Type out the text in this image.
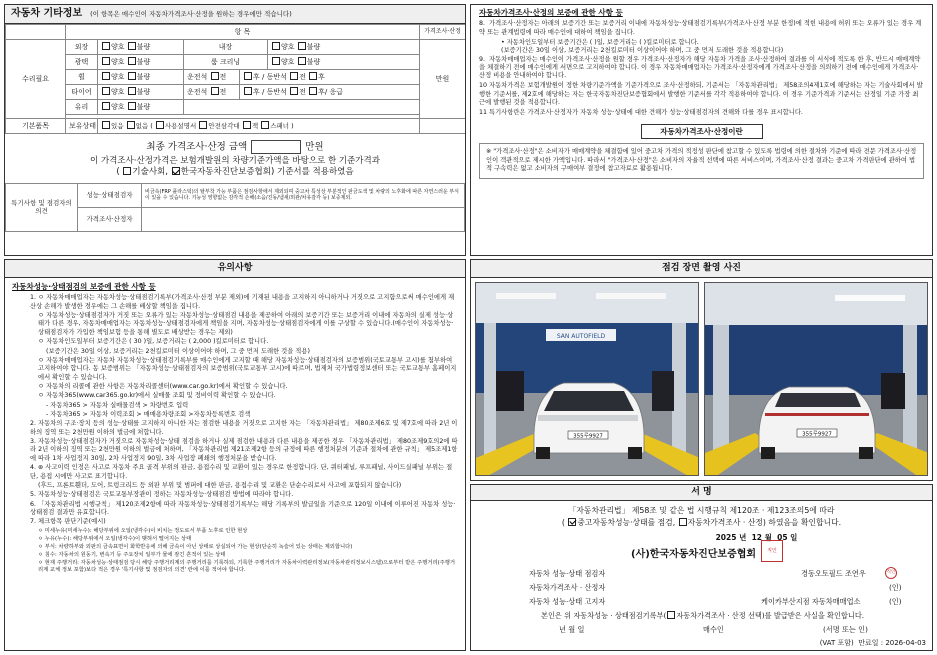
자동차 기타정보 (이 항목은 매수인이 자동차가격조사·산정을 원하는 경우에만 적습니다)
	항 목					가격조사·산정
수리필요	외장	양호 불량	내장		양호 불량	만원
	광택	양호 불량	룸 크리닝		양호 불량	
	휠	양호 불량	운전석 전	후 / 동반석 전 후		
	타이어	양호 불량	운전석 전	후 / 동반석 전 후/ 응급		
	유리	양호 불량				

기본품목	보유상태	있음 없음 ( 사용설명서 안전삼각대 잭 스패너 )				
최종 가격조사·산정 금액	만원
이 가격조사·산정가격은 보험개발원의 차량기준가액을 바탕으로 한 기준가격과
( 기술사회, 한국자동차진단보증협회) 기준서를 적용하였음
특기사항 및 점검자의 의견	성능·상태점검자	비금속(FRP 플라스틱)의 탈부착 가능 부품은 점검사항에서 제외되며 중고차 특성상 부분적인 판금도색 및 차량의 노후화에 따른 자연스러운 부식이 있을 수 있습니다. 기능성 영향없는 감각적 손해(소음/진동/냄새/외관/차유감각 등) 보증제외.
	가격조사·산정자	
자동차가격조사·산정의 보증에 관한 사항 등
8. 가격조사·산정자는 아래의 보증기간 또는 보증거리 이내에 자동차성능·상태점검기록부(가격조사·산정 부분 한정)에 적힌 내용에 허위 또는 오류가 있는 경우 계약 또는 관계법령에 따라 매수인에 대하여 책임을 집니다.
• 자동차인도일부터 보증기간은 ( )일, 보증거리는 ( )킬로미터로 합니다.
(보증기간은 30일 이상, 보증거리는 2천킬로미터 이상이어야 하며, 그 중 먼저 도래한 것을 적용합니다)
9. 자동차매매업자는 매수인이 가격조사·산정을 원할 경우 가격조사·산정자가 해당 자동차 가격을 조사·산정하여 결과를 이 서식에 적도록 한 후, 반드시 매매계약을 체결하기 전에 매수인에게 서면으로 고지하여야 합니다. 이 경우 자동차매매업자는 가격조사·산정자에게 가격조사·산정을 의뢰하기 전에 매수인에게 가격조사·산정 비용을 안내하여야 합니다.
10 자동차가격은 보험개발원이 정한 차량기준가액을 기준가격으로 조사·산정하되, 기준서는 「자동차관리법」 제58조의4제1호에 해당하는 자는 기술사회에서 발행한 기준서를, 제2호에 해당하는 자는 한국자동차진단보증협회에서 발행한 기준서를 각각 적용하여야 합니다. 이 경우 기준가격과 기준서는 산정일 기준 가장 최근에 발행된 것을 적용합니다.
11 특기사항란은 가격조사·산정자가 자동차 성능·상태에 대한 견해가 성능·상태점검자의 견해와 다를 경우 표시합니다.
자동차가격조사·산정이란
※ "가격조사·산정"은 소비자가 매매계약을 체결함에 있어 중고차 가격의 적정성 판단에 참고할 수 있도록 법령에 의한 절차와 기준에 따라 전문 가격조사·산정인이 객관적으로 제시한 가액입니다. 따라서 "가격조사·산정"은 소비자의 자율적 선택에 따른 서비스이며, 가격조사·산정 결과는 중고차 가격판단에 관하여 법적 구속력은 없고 소비자의 구매여부 결정에 참고자료로 활용됩니다.
유의사항
자동차성능·상태점검의 보증에 관한 사항 등
1. ㅇ 자동차매매업자는 자동차성능·상태점검기록부(가격조사·산정 부분 제외)에 기재된 내용을 고지하지 아니하거나 거짓으로 고지함으로써 매수인에게 재산상 손해가 발생한 경우에는 그 손해를 배상할 책임을 집니다.
ㅇ 자동차성능·상태점검자가 거짓 또는 오류가 있는 자동차성능·상태점검 내용을 제공하여 아래의 보증기간 또는 보증거리 이내에 자동차의 실제 성능·상태가 다른 경우, 자동차매매업자는 자동차성능·상태점검자에게 책임을 지며, 자동차성능·상태점검자에게 이를 구상할 수 있습니다.(매수인이 자동차성능·상태점검자가 가입한 책임보험 등을 통해 별도로 배상받는 경우는 제외)
ㅇ 자동차인도일부터 보증기간은 ( 30 )일, 보증거리는 ( 2,000 )킬로미터로 합니다.
(보증기간은 30일 이상, 보증거리는 2천킬로미터 이상이어야 하며, 그 중 먼저 도래한 것을 적용)
ㅇ 자동차매매업자는 자동차 자동차성능·상태점검기록부를 매수인에게 고지할 때 해당 자동차성능·상태점검자의 보증범위(국토교통부 고시)를 첨부하여 고지하여야 합니다. 동 보증범위는 「자동차성능·상태점검자의 보증범위(국토교통부 고시)에 따르며, 법제처 국가법령정보센터 또는 국토교통부 홈페이지에서 확인할 수 있습니다.
ㅇ 자동차의 리콜에 관한 사항은 자동차리콜센터(www.car.go.kr)에서 확인할 수 있습니다.
ㅇ 자동차365(www.car365.go.kr)에서 실매물 조회 및 정비이력 확인할 수 있습니다.
- 자동차365 > 자동차 실매물검색 > 차량번호 입력
- 자동차365 > 자동차 이력조회 > 매매용차량조회 >자동차등록번호 검색
2. 자동차의 구조·장치 등의 성능·상태를 고지하지 아니한 자는 점검한 내용을 거짓으로 고지한 자는 「자동차관리법」 제80조제6호 및 제7호에 따라 2년 이하의 징역 또는 2천만원 이하의 벌금에 처합니다.
3. 자동차성능·상태점검자가 거짓으로 자동차성능·상태 점검을 하거나 실제 점검한 내용과 다른 내용을 제공한 경우 「자동차관리법」 제80조제9호의2에 따라 2년 이하의 징역 또는 2천만원 이하의 벌금에 처하며, 「자동차관리법 제21조제2항 등의 규정에 따른 행정처분의 기준과 절차에 관한 규칙」 제5조제1항에 따라 1차 사업정지 30일, 2차 사업정지 90일, 3차 사업장 폐쇄의 행정처분을 받습니다.
4. ⊛ 사고이력 인정은 사고로 자동차 주요 골격 부위의 판금, 용접수리 및 교환이 있는 경우로 한정합니다. 단, 쿼터패널, 루프패널, 사이드실패널 부위는 절단, 용접 시에만 사고로 표기합니다.
(후드, 프론트휀더, 도어, 트렁크리드 등 외판 부위 및 범퍼에 대한 판금, 용접수리 및 교환은 단순수리로서 사고에 포함되지 않습니다)
5. 자동차성능·상태점검은 국토교통부장관이 정하는 자동차성능·상태점검 방법에 따라야 합니다.
6. 「자동차관리법 시행규칙」 제120조제2항에 따라 자동차성능·상태점검기록부는 해당 기록부의 발급일을 기준으로 120일 이내에 이루어진 자동차 성능·상태점검 결과만 유효합니다.
7. 체크항목 판단기준(예시)
ㅇ 미세누유(미세누수): 해당부위에 오일(냉각수)이 비치는 정도로서 부품 노후로 인한 현상
ㅇ 누유(누수): 해당부위에서 오일(냉각수)이 맺혀서 떨어지는 상태
ㅇ 부식: 차량하부와 외판의 금속표면이 화학반응에 의해 금속이 아닌 상태로 상실되어 가는 현상(단순히 녹슬어 있는 상태는 제외합니다)
ㅇ 침수: 자동차의 원동기, 변속기 등 주요장치 일부가 물에 잠긴 흔적이 있는 상태
ㅇ 현재 주행거리: 자동차성능·상태점검 당시 해당 주행거리계의 주행거리를 기록하되, 기록한 주행거리가 자동차이력관리정보(자동차관리정보시스템)으로부터 받은 주행거리(주행거리계 교체 정보 포함)보다 적은 경우 '특기사항 및 점검자의 의견' 란에 이를 적어야 합니다.
점검 장면 촬영 사진
SAN AUTOFIELD
355루9927	355루9927
서 명
「자동차관리법」 제58조 및 같은 법 시행규칙 제120조 · 제123조의5에 따라
( 중고자동차성능·상태를 점검, 자동차가격조사 · 산정) 하였음을 확인합니다.
2025 년 12 월 05 일
(사)한국자동차진단보증협회	직인
자동차 성능·상태 점검자	경동오토필드 조연우	직인
자동차가격조사 · 산정자	(인)
자동차 성능·상태 고지자	케이카부산지점 자동차매매업소	(인)
본인은 위 자동차성능 · 상태점검기록부( 자동차가격조사 · 산정 선택)를 발급받은 사실을 확인합니다.
년 월 일	매수인	(서명 또는 인)
(VAT 포함) 만료일 : 2026-04-03
